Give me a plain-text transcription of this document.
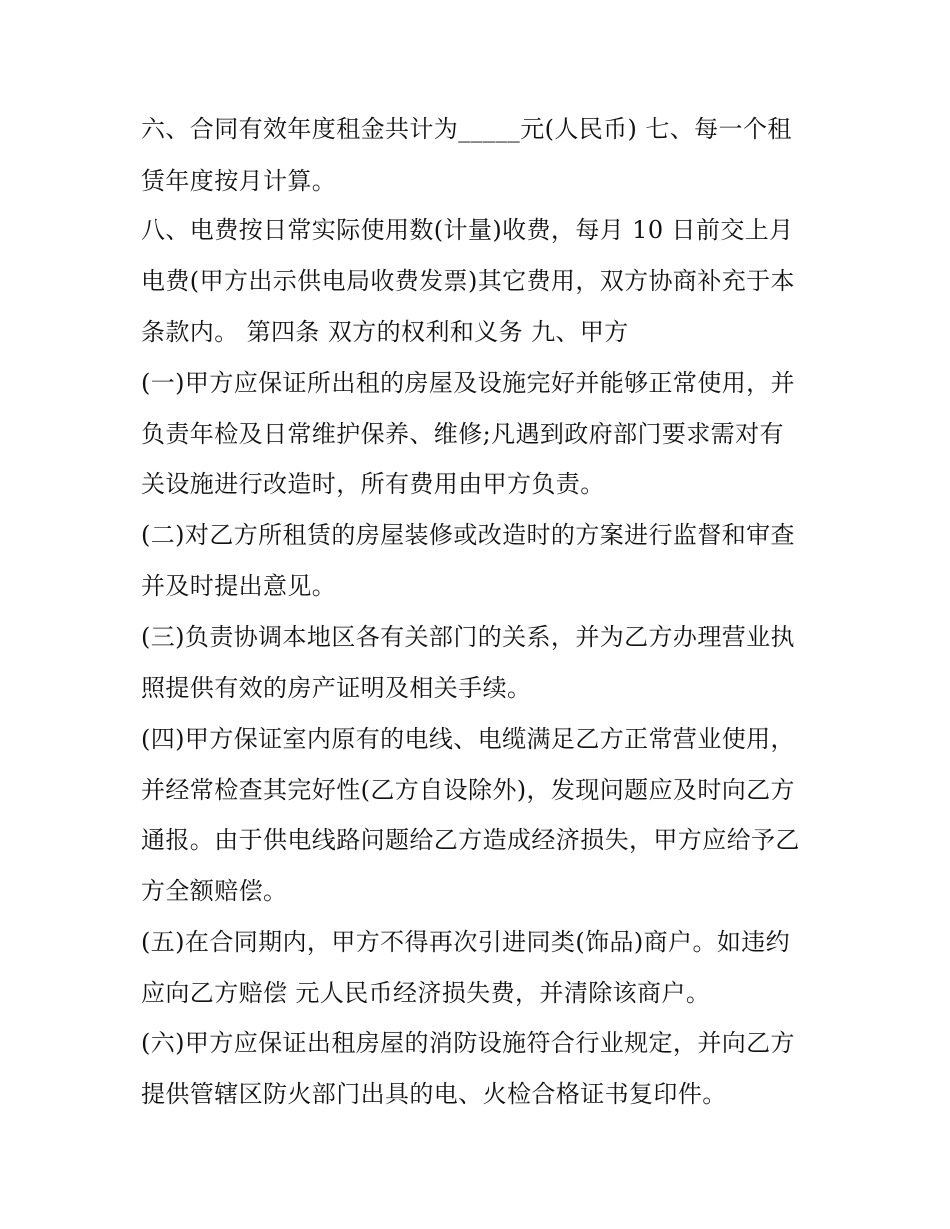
六、合同有效年度租金共计为_____元(人民币) 七、每一个租
赁年度按月计算。
八、电费按日常实际使用数(计量)收费，每月 10 日前交上月
电费(甲方出示供电局收费发票)其它费用，双方协商补充于本
条款内。 第四条 双方的权利和义务 九、甲方
(一)甲方应保证所出租的房屋及设施完好并能够正常使用，并
负责年检及日常维护保养、维修;凡遇到政府部门要求需对有
关设施进行改造时，所有费用由甲方负责。
(二)对乙方所租赁的房屋装修或改造时的方案进行监督和审查
并及时提出意见。
(三)负责协调本地区各有关部门的关系，并为乙方办理营业执
照提供有效的房产证明及相关手续。
(四)甲方保证室内原有的电线、电缆满足乙方正常营业使用，
并经常检查其完好性(乙方自设除外)，发现问题应及时向乙方
通报。由于供电线路问题给乙方造成经济损失，甲方应给予乙
方全额赔偿。
(五)在合同期内，甲方不得再次引进同类(饰品)商户。如违约
应向乙方赔偿 元人民币经济损失费，并清除该商户。
(六)甲方应保证出租房屋的消防设施符合行业规定，并向乙方
提供管辖区防火部门出具的电、火检合格证书复印件。
